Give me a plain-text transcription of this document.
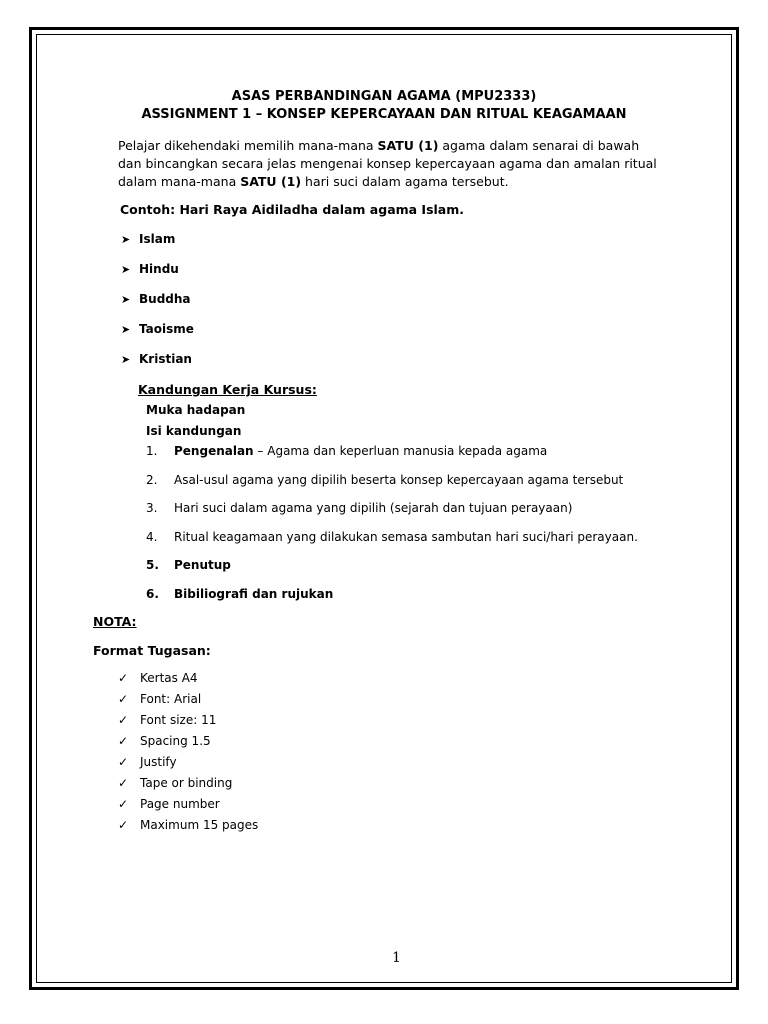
ASAS PERBANDINGAN AGAMA (MPU2333)
ASSIGNMENT 1 – KONSEP KEPERCAYAAN DAN RITUAL KEAGAMAAN
Pelajar dikehendaki memilih mana-mana SATU (1) agama dalam senarai di bawah dan bincangkan secara jelas mengenai konsep kepercayaan agama dan amalan ritual dalam mana-mana SATU (1) hari suci dalam agama tersebut.
Contoh: Hari Raya Aidiladha dalam agama Islam.
➤ Islam
➤ Hindu
➤ Buddha
➤ Taoisme
➤ Kristian
Kandungan Kerja Kursus:
Muka hadapan
Isi kandungan
1. Pengenalan – Agama dan keperluan manusia kepada agama
2. Asal-usul agama yang dipilih beserta konsep kepercayaan agama tersebut
3. Hari suci dalam agama yang dipilih (sejarah dan tujuan perayaan)
4. Ritual keagamaan yang dilakukan semasa sambutan hari suci/hari perayaan.
5. Penutup
6. Bibiliografi dan rujukan
NOTA:
Format Tugasan:
✓ Kertas A4
✓ Font: Arial
✓ Font size: 11
✓ Spacing 1.5
✓ Justify
✓ Tape or binding
✓ Page number
✓ Maximum 15 pages
1
